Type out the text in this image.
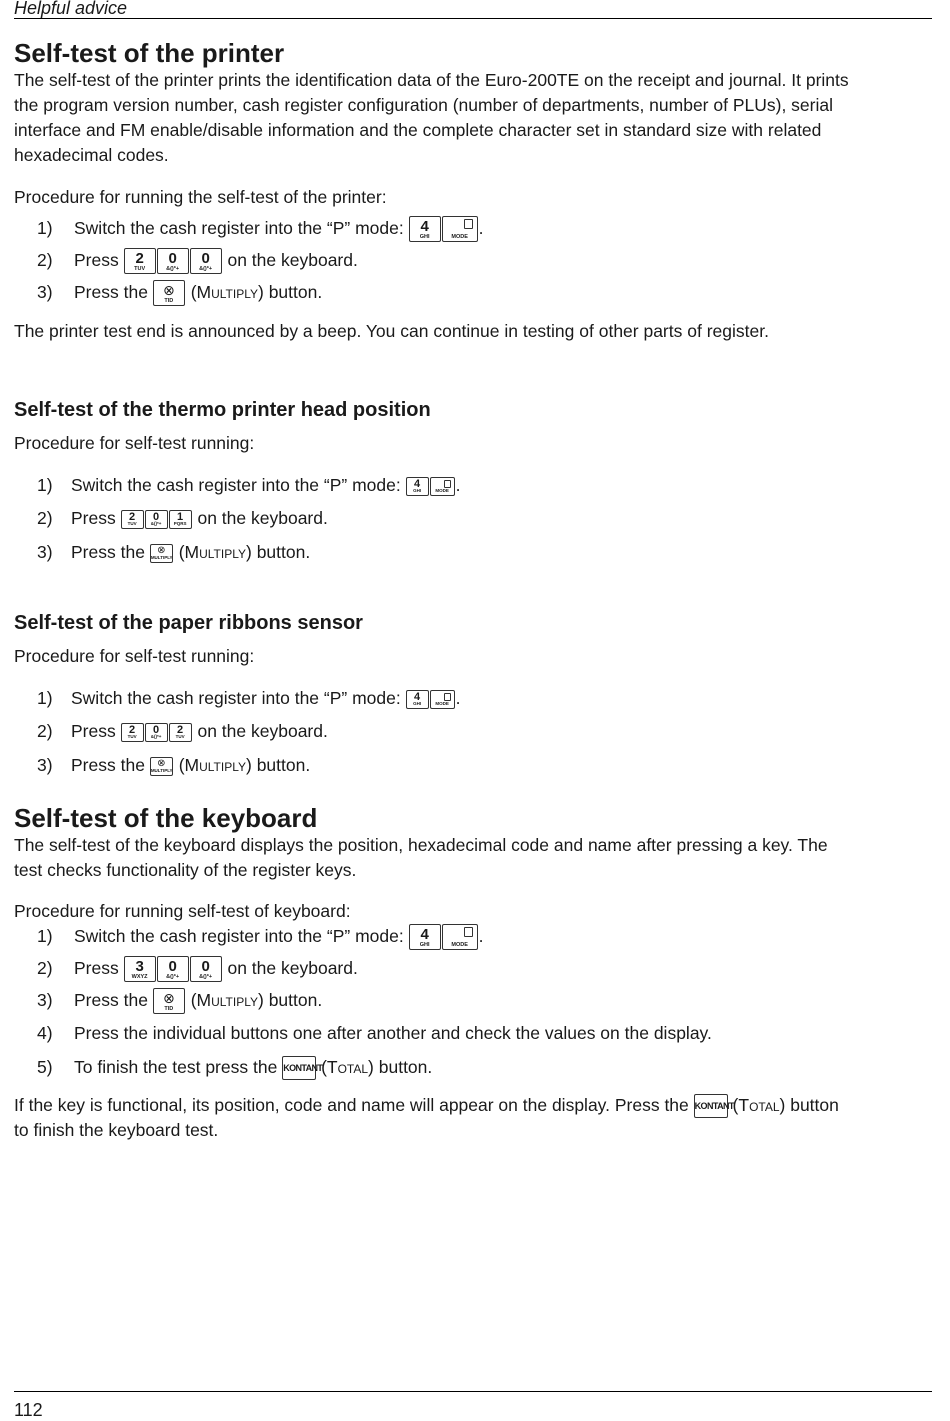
Helpful advice
Self-test of the printer
The self-test of the printer prints the identification data of the Euro-200TE on the receipt and journal. It prints
the program version number, cash register configuration (number of departments, number of PLUs), serial
interface and FM enable/disable information and the complete character set in standard size with related
hexadecimal codes.
Procedure for running the self-test of the printer:
1) Switch the cash register into the “P” mode:	4
GHI	MODE .
2) Press	2
TUV
0
&()*+
0
&()*+ on the keyboard.
3) Press the ⊗
TID (Multiply) button.
The printer test end is announced by a beep. You can continue in testing of other parts of register.
Self-test of the thermo printer head position
Procedure for self-test running:
1) Switch the cash register into the “P” mode:	4
GHI	MODE .
2) Press	2
TUV
0
&()*+
1
PQRS on the keyboard.
3) Press the ⊗
MULTIPLY (Multiply) button.
Self-test of the paper ribbons sensor
Procedure for self-test running:
1) Switch the cash register into the “P” mode:	4
GHI	MODE .
2) Press	2
TUV
0
&()*+
2
TUV on the keyboard.
3) Press the ⊗
MULTIPLY (Multiply) button.
Self-test of the keyboard
The self-test of the keyboard displays the position, hexadecimal code and name after pressing a key. The
test checks functionality of the register keys.
Procedure for running self-test of keyboard:
1) Switch the cash register into the “P” mode:	4
GHI	MODE .
2) Press	3
WXYZ
0
&()*+
0
&()*+ on the keyboard.
3) Press the ⊗
TID (Multiply) button.
4) Press the individual buttons one after another and check the values on the display.
5) To finish the test press the KONTANT (Total) button.
If the key is functional, its position, code and name will appear on the display. Press the KONTANT (Total) button
to finish the keyboard test.
112
